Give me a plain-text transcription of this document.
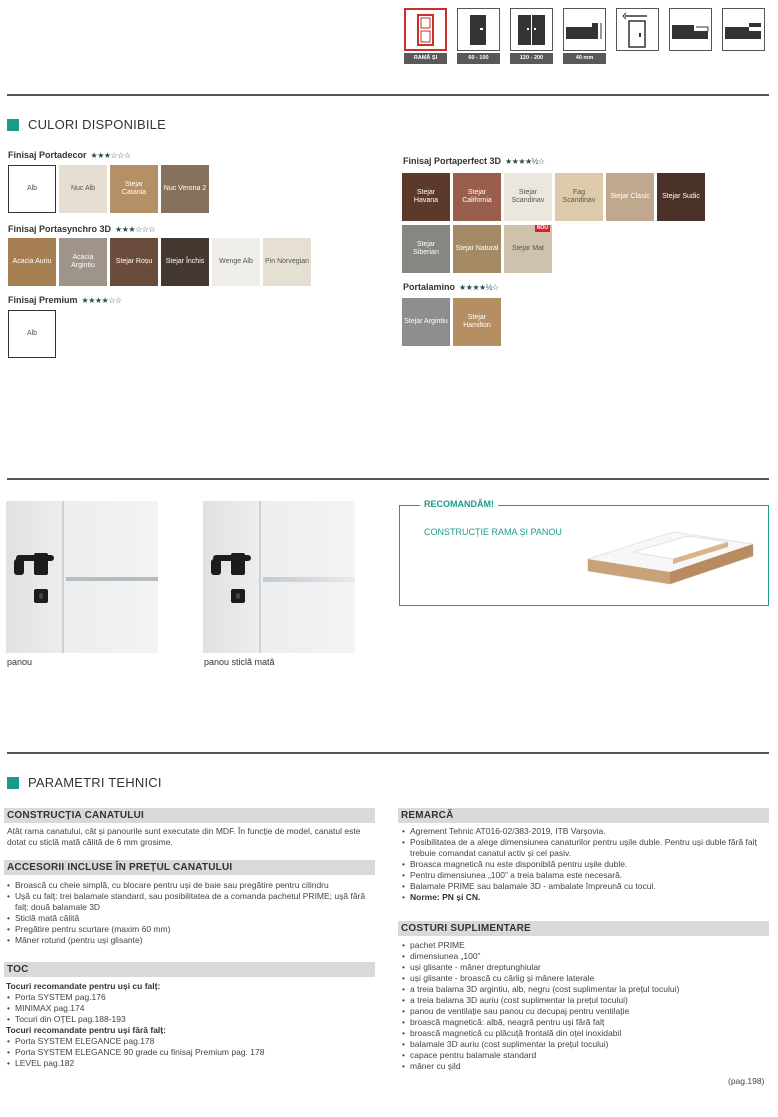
RAMĂ ȘI PANOU
60 - 100	120 - 200	40 mm
CULORI DISPONIBILE
Finisaj Portadecor ★★★☆☆☆
Alb	Nuc Alb
Stejar Catania
Nuc Verona 2
Finisaj Portasynchro 3D ★★★☆☆☆
Acacia Auriu
Acacia Argintiu
Stejar Roșu Stejar Închis Wenge Alb Pin Norvegian
Finisaj Premium ★★★★☆☆
Alb
Finisaj Portaperfect 3D ★★★★½☆
Stejar Havana
Stejar California
Stejar Scandinav
Fag Scandinav
Stejar Clasic Stejar Sudic
Stejar Siberian
Stejar Natural Stejar Mat
NOU
Portalamino ★★★★½☆
Stejar Argintiu
Stejar Hamilton
panou	panou sticlă mată
RECOMANDĂM!
CONSTRUCȚIE RAMA ȘI PANOU
PARAMETRI TEHNICI
CONSTRUCȚIA CANATULUI
Atât rama canatului, cât și panourile sunt executate din MDF. În funcție de model, canatul este dotat cu sticlă mată călită de 6 mm grosime.
ACCESORII INCLUSE ÎN PREȚUL CANATULUI
• Broască cu cheie simplă, cu blocare pentru uși de baie sau pregătire pentru cilindru
• Ușă cu falț: trei balamale standard, sau posibilitatea de a comanda pachetul PRIME; ușă fără falț: două balamale 3D
• Sticlă mată călită
• Pregătire pentru scurtare (maxim 60 mm)
• Mâner rotund (pentru uși glisante)
TOC
Tocuri recomandate pentru uși cu falț:
• Porta SYSTEM pag.176
• MINIMAX pag.174
• Tocuri din OȚEL pag.188-193
Tocuri recomandate pentru uși fără falț:
• Porta SYSTEM ELEGANCE pag.178
• Porta SYSTEM ELEGANCE 90 grade cu finisaj Premium pag. 178
• LEVEL pag.182
REMARCĂ
• Agrement Tehnic AT016-02/383-2019, ITB Varșovia.
• Posibilitatea de a alege dimensiunea canaturilor pentru ușile duble. Pentru uși duble fără falț trebuie comandat canatul activ și cel pasiv.
• Broasca magnetică nu este disponibilă pentru ușile duble.
• Pentru dimensiunea „100” a treia balama este necesară.
• Balamale PRIME sau balamale 3D - ambalate împreună cu tocul.
• Norme: PN și CN.
COSTURI SUPLIMENTARE
• pachet PRIME
• dimensiunea „100”
• uși glisante - mâner dreptunghiular
• uși glisante - broască cu cârlig și mânere laterale
• a treia balama 3D argintiu, alb, negru (cost suplimentar la prețul tocului)
• a treia balama 3D auriu (cost suplimentar la prețul tocului)
• panou de ventilație sau panou cu decupaj pentru ventilație
• broască magnetică: albă, neagră pentru uși fără falț
• broască magnetică cu plăcuță frontală din oțel inoxidabil
• balamale 3D auriu (cost suplimentar la prețul tocului)
• capace pentru balamale standard
• mâner cu șild
(pag.198)
